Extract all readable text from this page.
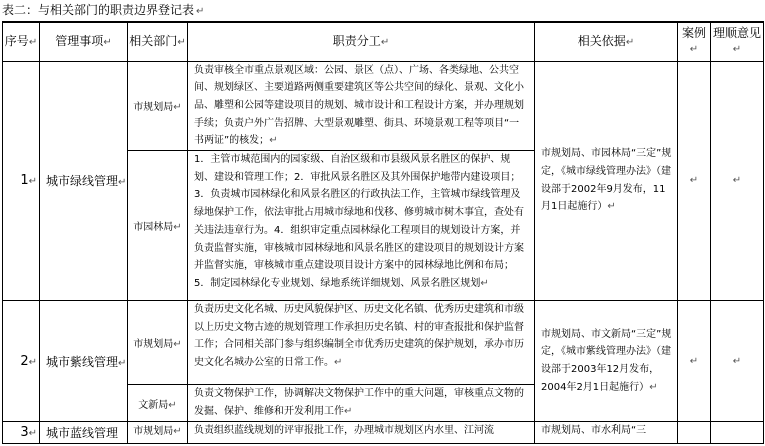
表二：与相关部门的职责边界登记表 ↵
序号↵	管理事项↵	相关部门↵	职责分工↵	相关依据↵	案例↵	理顺意见↵
1↵	城市绿线管理↵	市规划局↵	负责审核全市重点景观区域：公园、景区（点）、广场、各类绿地、公共空间、规划绿区、主要道路两侧重要建筑区等公共空间的绿化、景观、文化小品、雕塑和公园等建设项目的规划、城市设计和工程设计方案，并办理规划手续；负责户外广告招牌、大型景观雕塑、街具、环境景观工程等项目“一书两证”的核发；↵	市规划局、市园林局“三定”规定，《城市绿线管理办法》（建设部于2002年9月发布，11月1日起施行）↵	↵	↵
		市园林局↵	1．主管市城范围内的园家级、自治区级和市县级风景名胜区的保护、规划、建设和管理工作；2．审批风景名胜区及其外围保护地带内建设项目；3．负责城市园林绿化和风景名胜区的行政执法工作，主管城市绿线管理及绿地保护工作，依法审批占用城市绿地和伐移、修剪城市树木事宜，查处有关违法违章行为。4．组织审定重点园林绿化工程项目的规划设计方案，并负责监督实施，审核城市园林绿地和风景名胜区的建设项目的规划设计方案并监督实施，审核城市重点建设项目设计方案中的园林绿地比例和布局；5．制定园林绿化专业规划、绿地系统详细规划、风景名胜区规划↵			
2↵	城市紫线管理↵	市规划局↵	负责历史文化名城、历史风貌保护区、历史文化名镇、优秀历史建筑和市级以上历史文物古迹的规划管理工作承担历史名镇、村的审查报批和保护监督工作；合同相关部门参与组织编制全市优秀历史建筑的保护规划，承办市历史文化名城办公室的日常工作。↵	市规划局、市文新局“三定”规定，《城市紫线管理办法》（建设部于2003年12月发布，2004年2月1日起施行）↵	↵	↵
		文新局↵	负责文物保护工作，协调解决文物保护工作中的重大问题，审核重点文物的发掘、保护、维修和开发利用工作↵			
3↵	城市蓝线管理	市规划局↵	负责组织蓝线规划的评审报批工作，办理城市规划区内水里、江河流	市规划局、市水利局“三		
